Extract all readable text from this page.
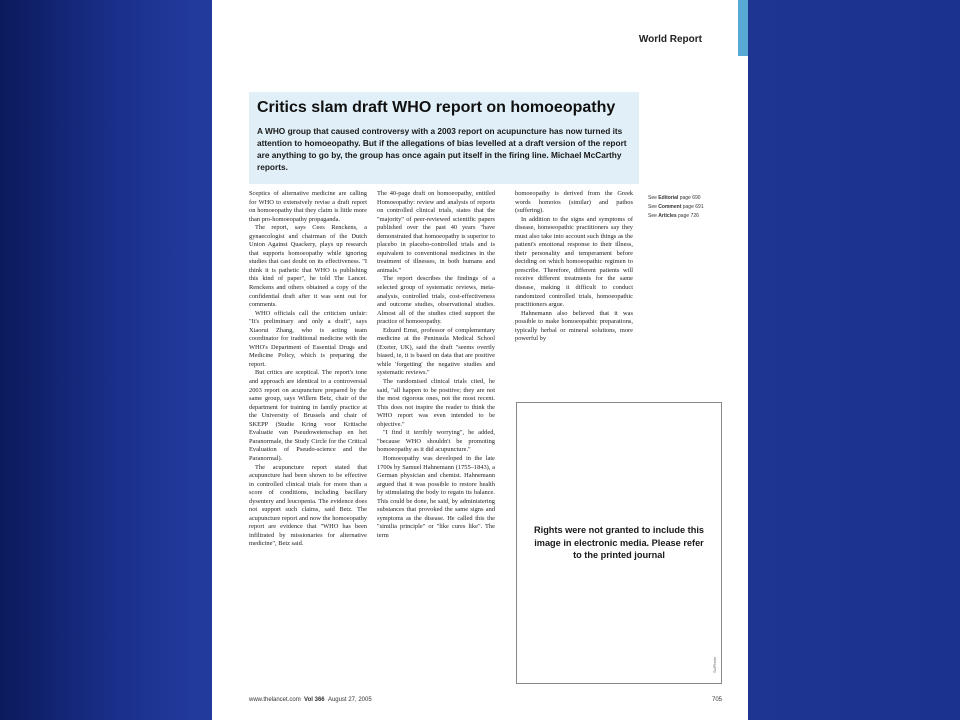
World Report
Critics slam draft WHO report on homoeopathy
A WHO group that caused controversy with a 2003 report on acupuncture has now turned its attention to homoeopathy. But if the allegations of bias levelled at a draft version of the report are anything to go by, the group has once again put itself in the firing line. Michael McCarthy reports.

Sceptics of alternative medicine are calling for WHO to extensively revise a draft report on homoeopathy that they claim is little more than pro-homoeopathy propaganda.

The report, says Cees Renckens, a gynaecologist and chairman of the Dutch Union Against Quackery, plays up research that supports homoeopathy while ignoring studies that cast doubt on its effectiveness. "I think it is pathetic that WHO is publishing this kind of paper", he told The Lancet. Renckens and others obtained a copy of the confidential draft after it was sent out for comments.

WHO officials call the criticism unfair: "It's preliminary and only a draft", says Xiaorui Zhang, who is acting team coordinator for traditional medicine with the WHO's Department of Essential Drugs and Medicine Policy, which is preparing the report.

But critics are sceptical. The report's tone and approach are identical to a controversial 2003 report on acupuncture prepared by the same group, says Willem Betz, chair of the department for training in family practice at the University of Brussels and chair of SKEPP (Studie Kring voor Kritische Evaluatie van Pseudowetenschap en het Paranormale, the Study Circle for the Critical Evaluation of Pseudo-science and the Paranormal).

The acupuncture report stated that acupuncture had been shown to be effective in controlled clinical trials for more than a score of conditions, including bacillary dysentery and leucopenia. The evidence does not support such claims, said Betz. The acupuncture report and now the homoeopathy report are evidence that "WHO has been infiltrated by missionaries for alternative medicine", Betz said.

The 40-page draft on homoeopathy, entitled Homoeopathy: review and analysis of reports on controlled clinical trials, states that the "majority" of peer-reviewed scientific papers published over the past 40 years "have demonstrated that homoeopathy is superior to placebo in placebo-controlled trials and is equivalent to conventional medicines in the treatment of illnesses, in both humans and animals."

The report describes the findings of a selected group of systematic reviews, meta-analysis, controlled trials, cost-effectiveness and outcome studies, observational studies. Almost all of the studies cited support the practice of homoeopathy.

Edzard Ernst, professor of complementary medicine at the Peninsula Medical School (Exeter, UK), said the draft "seems overtly biased, ie, it is based on data that are positive while 'forgetting' the negative studies and systematic reviews."

The randomised clinical trials cited, he said, "all happen to be positive; they are not the most rigorous ones, not the most recent. This does not inspire the reader to think the WHO report was even intended to be objective."

"I find it terribly worrying", he added, "because WHO shouldn't be promoting homoeopathy as it did acupuncture."

Homoeopathy was developed in the late 1700s by Samuel Hahnemann (1755–1843), a German physician and chemist. Hahnemann argued that it was possible to restore health by stimulating the body to regain its balance. This could be done, he said, by administering substances that provoked the same signs and symptoms as the disease. He called this the "similia principle" or "like cures like". The term

homoeopathy is derived from the Greek words homoios (similar) and pathos (suffering).

In addition to the signs and symptoms of disease, homoeopathic practitioners say they must also take into account such things as the patient's emotional response to their illness, their personality and temperament before deciding on which homoeopathic regimen to prescribe. Therefore, different patients will receive different treatments for the same disease, making it difficult to conduct randomized controlled trials, homoeopathic practitioners argue.

Hahnemann also believed that it was possible to make homoeopathic preparations, typically herbal or mineral solutions, more powerful by

See Editorial page 690
See Comment page 691
See Articles page 726
Rights were not granted to include this image in electronic media. Please refer to the printed journal
SciPhoto
www.thelancet.com Vol 366 August 27, 2005	705
